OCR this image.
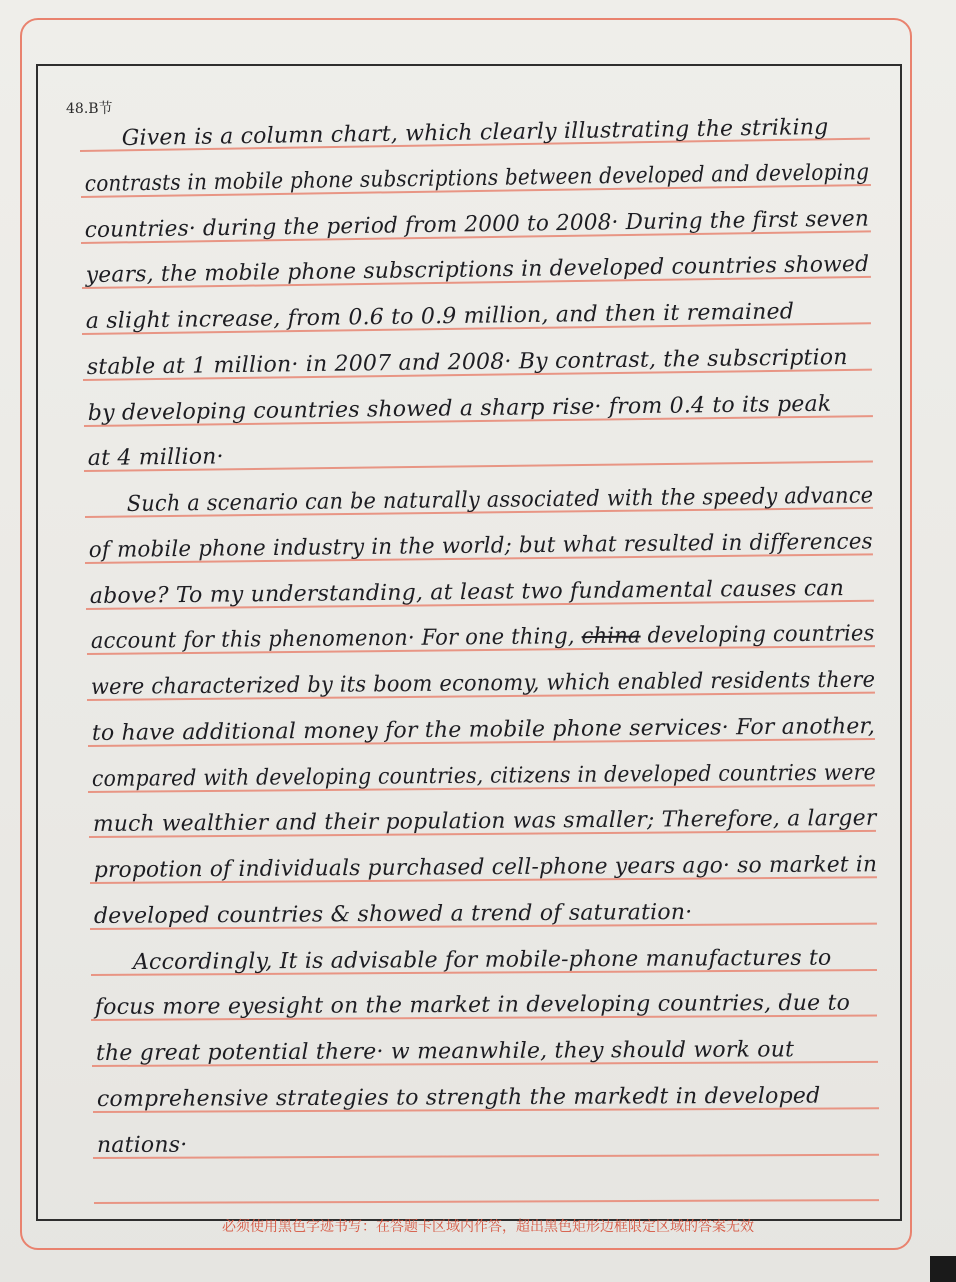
48.B节
Given is a column chart, which clearly illustrating the striking
contrasts in mobile phone subscriptions between developed and developing
countries· during the period from 2000 to 2008· During the first seven
years, the mobile phone subscriptions in developed countries showed
a slight increase, from 0.6 to 0.9 million, and then it remained
stable at 1 million· in 2007 and 2008· By contrast, the subscription
by developing countries showed a sharp rise· from 0.4 to its peak
at 4 million·
Such a scenario can be naturally associated with the speedy advance
of mobile phone industry in the world; but what resulted in differences
above? To my understanding, at least two fundamental causes can
account for this phenomenon· For one thing, china developing countries
were characterized by its boom economy, which enabled residents there
to have additional money for the mobile phone services· For another,
compared with developing countries, citizens in developed countries were
much wealthier and their population was smaller; Therefore, a larger
propotion of individuals purchased cell-phone years ago· so market in
developed countries & showed a trend of saturation·
Accordingly, It is advisable for mobile-phone manufactures to
focus more eyesight on the market in developing countries, due to
the great potential there· w meanwhile, they should work out
comprehensive strategies to strength the markedt in developed
nations·
必须使用黑色字迹书写：在答题卡区域内作答，超出黑色矩形边框限定区域的答案无效
